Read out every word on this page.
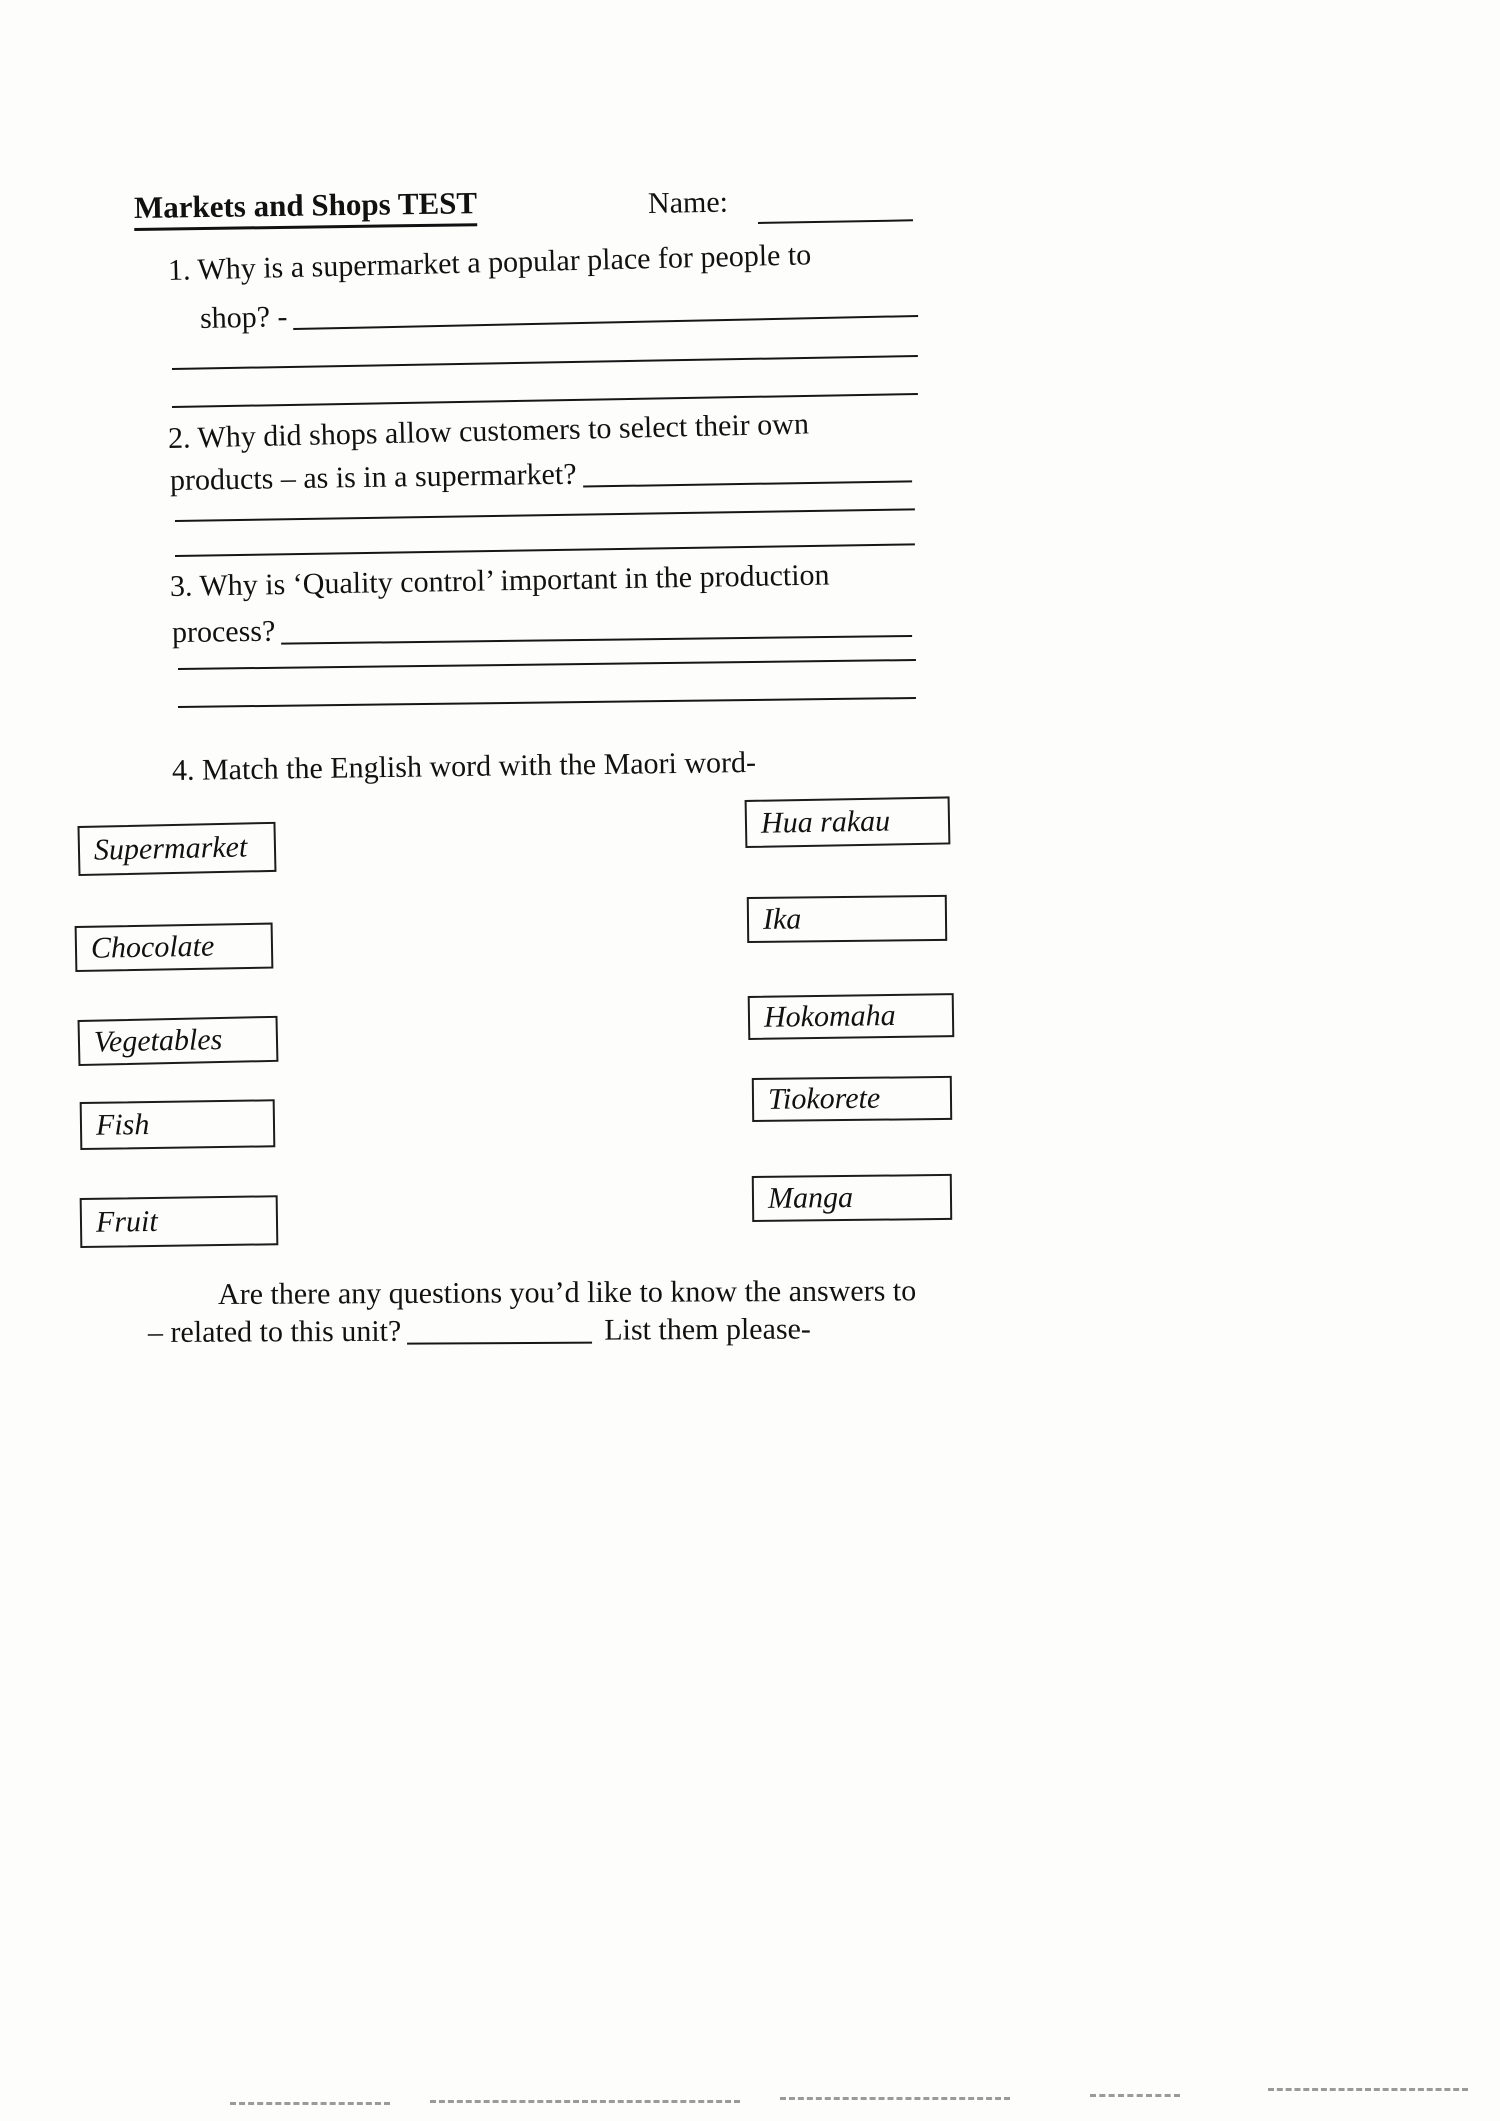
Markets and Shops TEST	Name:
1. Why is a supermarket a popular place for people to
shop? -
2. Why did shops allow customers to select their own
products – as is in a supermarket?
3. Why is ‘Quality control’ important in the production
process?
4. Match the English word with the Maori word-
Hua rakau
Ika
Hokomaha
Tiokorete
Manga
Supermarket
Chocolate
Vegetables
Fish
Fruit
Are there any questions you’d like to know the answers to
– related to this unit?	List them please-
